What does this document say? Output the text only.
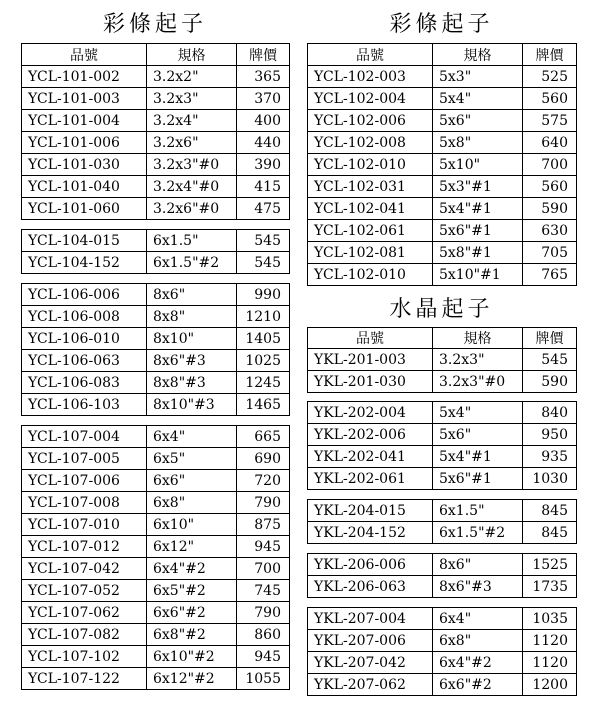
彩條起子
品號	規格	牌價
YCL-101-002	3.2x2"	365
YCL-101-003	3.2x3"	370
YCL-101-004	3.2x4"	400
YCL-101-006	3.2x6"	440
YCL-101-030	3.2x3"#0	390
YCL-101-040	3.2x4"#0	415
YCL-101-060	3.2x6"#0	475
YCL-104-015	6x1.5"	545
YCL-104-152	6x1.5"#2	545
YCL-106-006	8x6"	990
YCL-106-008	8x8"	1210
YCL-106-010	8x10"	1405
YCL-106-063	8x6"#3	1025
YCL-106-083	8x8"#3	1245
YCL-106-103	8x10"#3	1465
YCL-107-004	6x4"	665
YCL-107-005	6x5"	690
YCL-107-006	6x6"	720
YCL-107-008	6x8"	790
YCL-107-010	6x10"	875
YCL-107-012	6x12"	945
YCL-107-042	6x4"#2	700
YCL-107-052	6x5"#2	745
YCL-107-062	6x6"#2	790
YCL-107-082	6x8"#2	860
YCL-107-102	6x10"#2	945
YCL-107-122	6x12"#2	1055
彩條起子
品號	規格	牌價
YCL-102-003	5x3"	525
YCL-102-004	5x4"	560
YCL-102-006	5x6"	575
YCL-102-008	5x8"	640
YCL-102-010	5x10"	700
YCL-102-031	5x3"#1	560
YCL-102-041	5x4"#1	590
YCL-102-061	5x6"#1	630
YCL-102-081	5x8"#1	705
YCL-102-010	5x10"#1	765
水晶起子
品號	規格	牌價
YKL-201-003	3.2x3"	545
YKL-201-030	3.2x3"#0	590
YKL-202-004	5x4"	840
YKL-202-006	5x6"	950
YKL-202-041	5x4"#1	935
YKL-202-061	5x6"#1	1030
YKL-204-015	6x1.5"	845
YKL-204-152	6x1.5"#2	845
YKL-206-006	8x6"	1525
YKL-206-063	8x6"#3	1735
YKL-207-004	6x4"	1035
YKL-207-006	6x8"	1120
YKL-207-042	6x4"#2	1120
YKL-207-062	6x6"#2	1200
